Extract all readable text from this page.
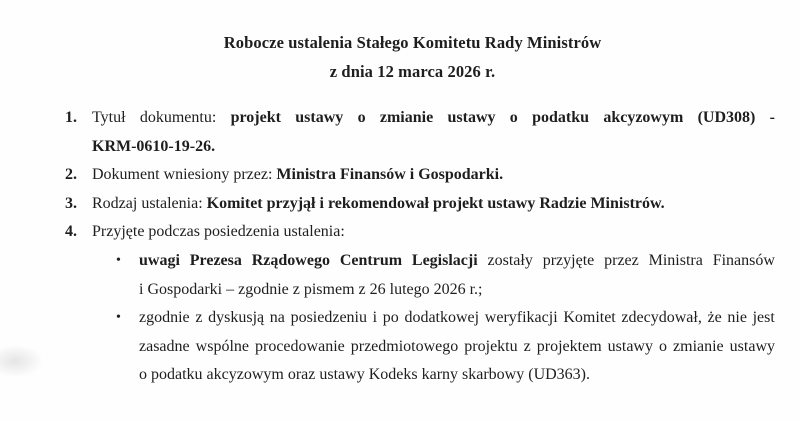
Robocze ustalenia Stałego Komitetu Rady Ministrów
z dnia 12 marca 2026 r.
1. Tytuł dokumentu: projekt ustawy o zmianie ustawy o podatku akcyzowym (UD308) -
KRM-0610-19-26.
2. Dokument wniesiony przez: Ministra Finansów i Gospodarki.
3. Rodzaj ustalenia: Komitet przyjął i rekomendował projekt ustawy Radzie Ministrów.
4. Przyjęte podczas posiedzenia ustalenia:
•	uwagi Prezesa Rządowego Centrum Legislacji zostały przyjęte przez Ministra Finansów
i Gospodarki – zgodnie z pismem z 26 lutego 2026 r.;
•	zgodnie z dyskusją na posiedzeniu i po dodatkowej weryfikacji Komitet zdecydował, że nie jest
zasadne wspólne procedowanie przedmiotowego projektu z projektem ustawy o zmianie ustawy
o podatku akcyzowym oraz ustawy Kodeks karny skarbowy (UD363).
